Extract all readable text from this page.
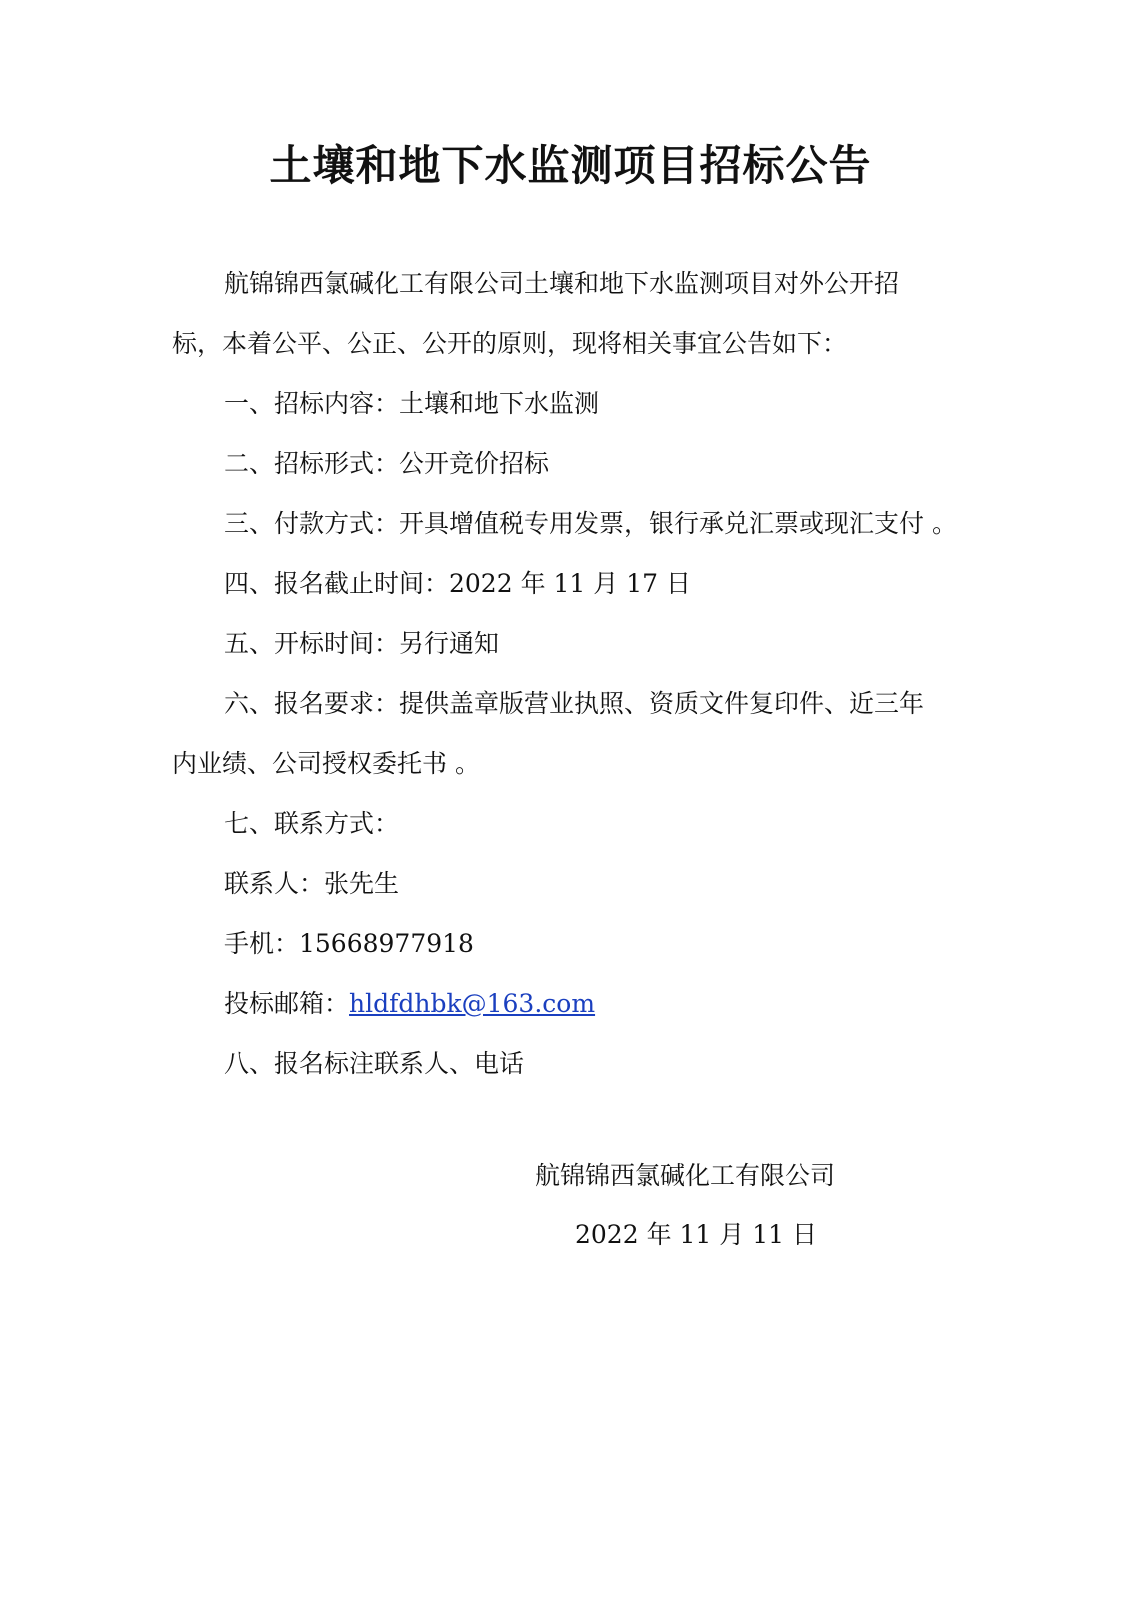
土壤和地下水监测项目招标公告

航锦锦西氯碱化工有限公司土壤和地下水监测项目对外公开招

标，本着公平、公正、公开的原则，现将相关事宜公告如下：

一、招标内容：土壤和地下水监测

二、招标形式：公开竞价招标

三、付款方式：开具增值税专用发票，银行承兑汇票或现汇支付 。

四、报名截止时间：2022 年 11 月 17 日

五、开标时间：另行通知

六、报名要求：提供盖章版营业执照、资质文件复印件、近三年

内业绩、公司授权委托书 。

七、联系方式：

联系人：张先生

手机：15668977918

投标邮箱：hldfdhbk@163.com

八、报名标注联系人、电话

航锦锦西氯碱化工有限公司
2022 年 11 月 11 日
